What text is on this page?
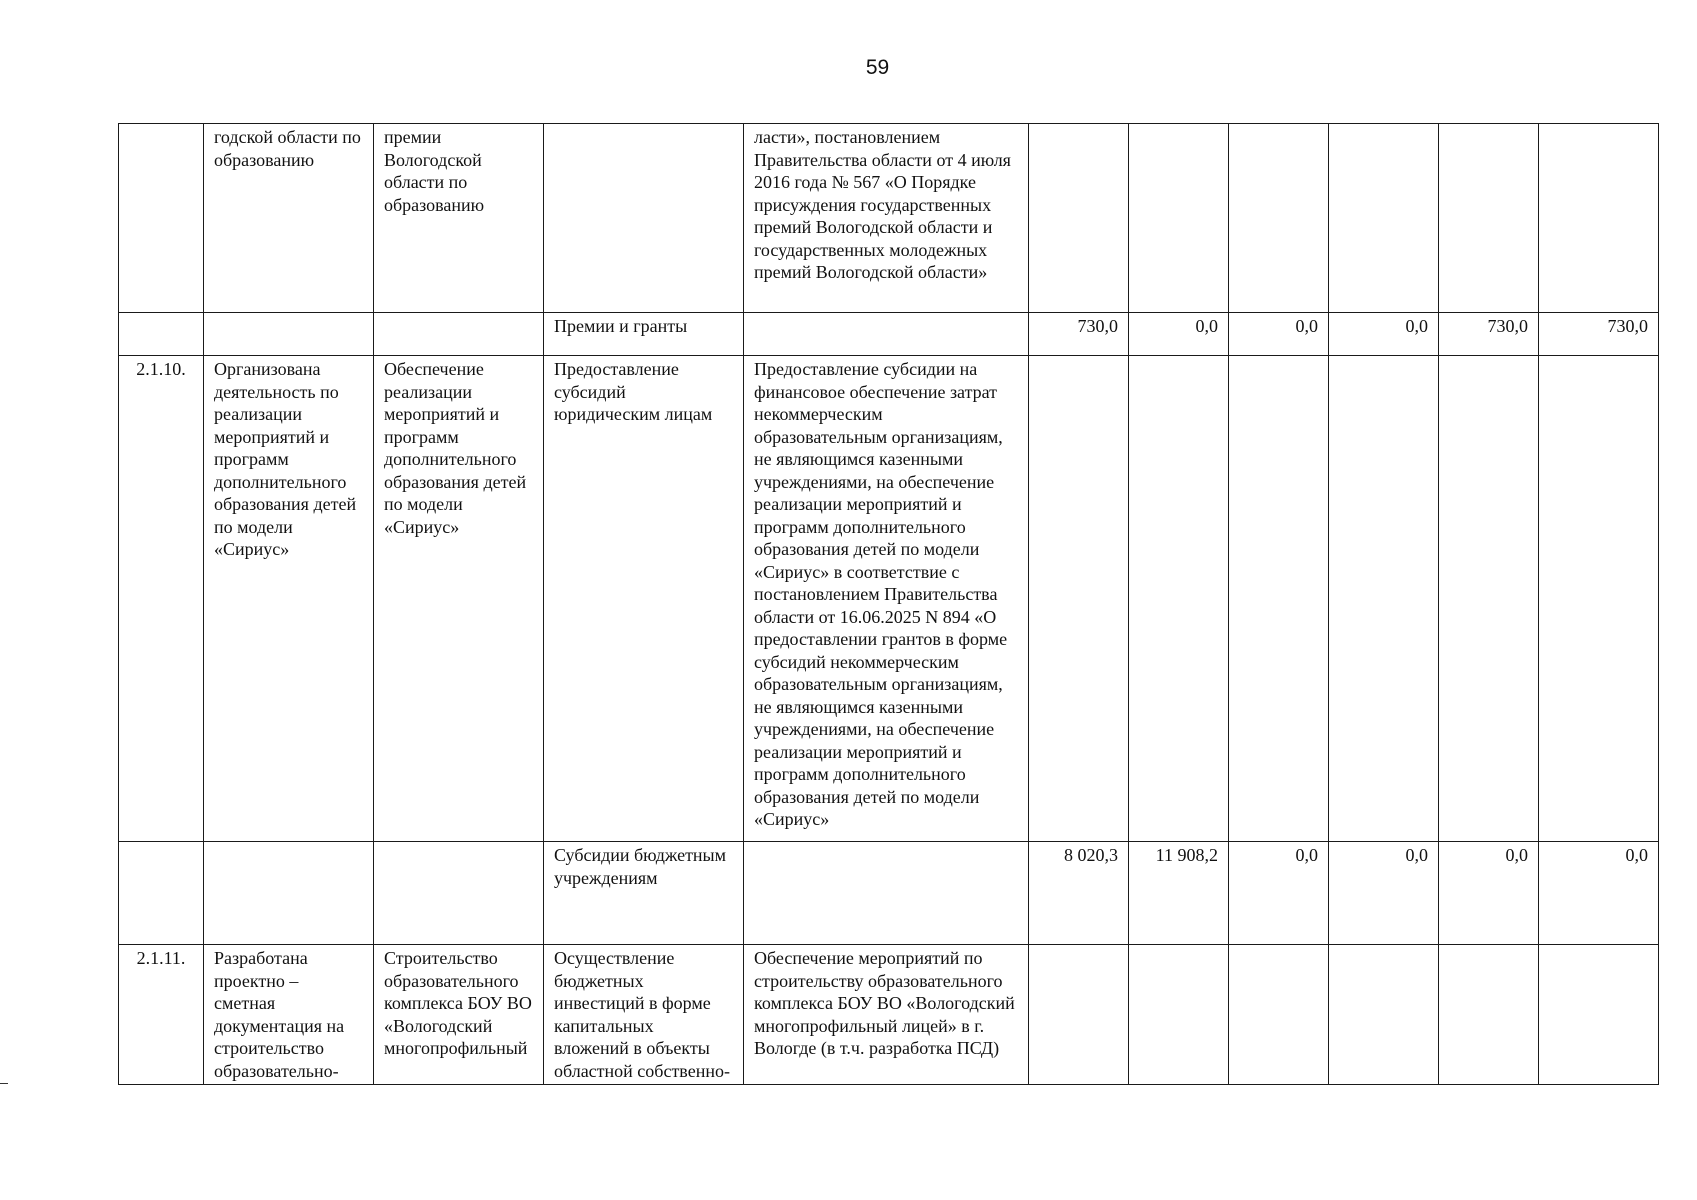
59

	годской области по образованию	премии Вологодской области по образованию		ласти», постановлением Правительства области от 4 июля 2016 года № 567 «О Порядке присуждения государственных премий Вологодской области и государственных молодежных премий Вологодской области»						

			Премии и гранты		730,0	0,0	0,0	0,0	730,0	730,0
2.1.10.	Организована деятельность по реализации мероприятий и программ дополнительного образования детей по модели «Сириус»	Обеспечение реализации мероприятий и программ дополнительного образования детей по модели «Сириус»	Предоставление субсидий юридическим лицам	Предоставление субсидии на финансовое обеспечение затрат некоммерческим образовательным организациям, не являющимся казенными учреждениями, на обеспечение реализации мероприятий и программ дополнительного образования детей по модели «Сириус» в соответствие с постановлением Правительства области от 16.06.2025 N 894 «О предоставлении грантов в форме субсидий некоммерческим образовательным организациям, не являющимся казенными учреждениями, на обеспечение реализации мероприятий и программ дополнительного образования детей по модели «Сириус»						

			Субсидии бюджетным учреждениям		8 020,3	11 908,2	0,0	0,0	0,0	0,0
2.1.11.	Разработана проектно – сметная документация на строительство образовательно-	Строительство образовательного комплекса БОУ ВО «Вологодский многопрофильный	Осуществление бюджетных инвестиций в форме капитальных вложений в объекты областной собственно-	Обеспечение мероприятий по строительству образовательного комплекса БОУ ВО «Вологодский многопрофильный лицей» в г. Вологде (в т.ч. разработка ПСД)						
